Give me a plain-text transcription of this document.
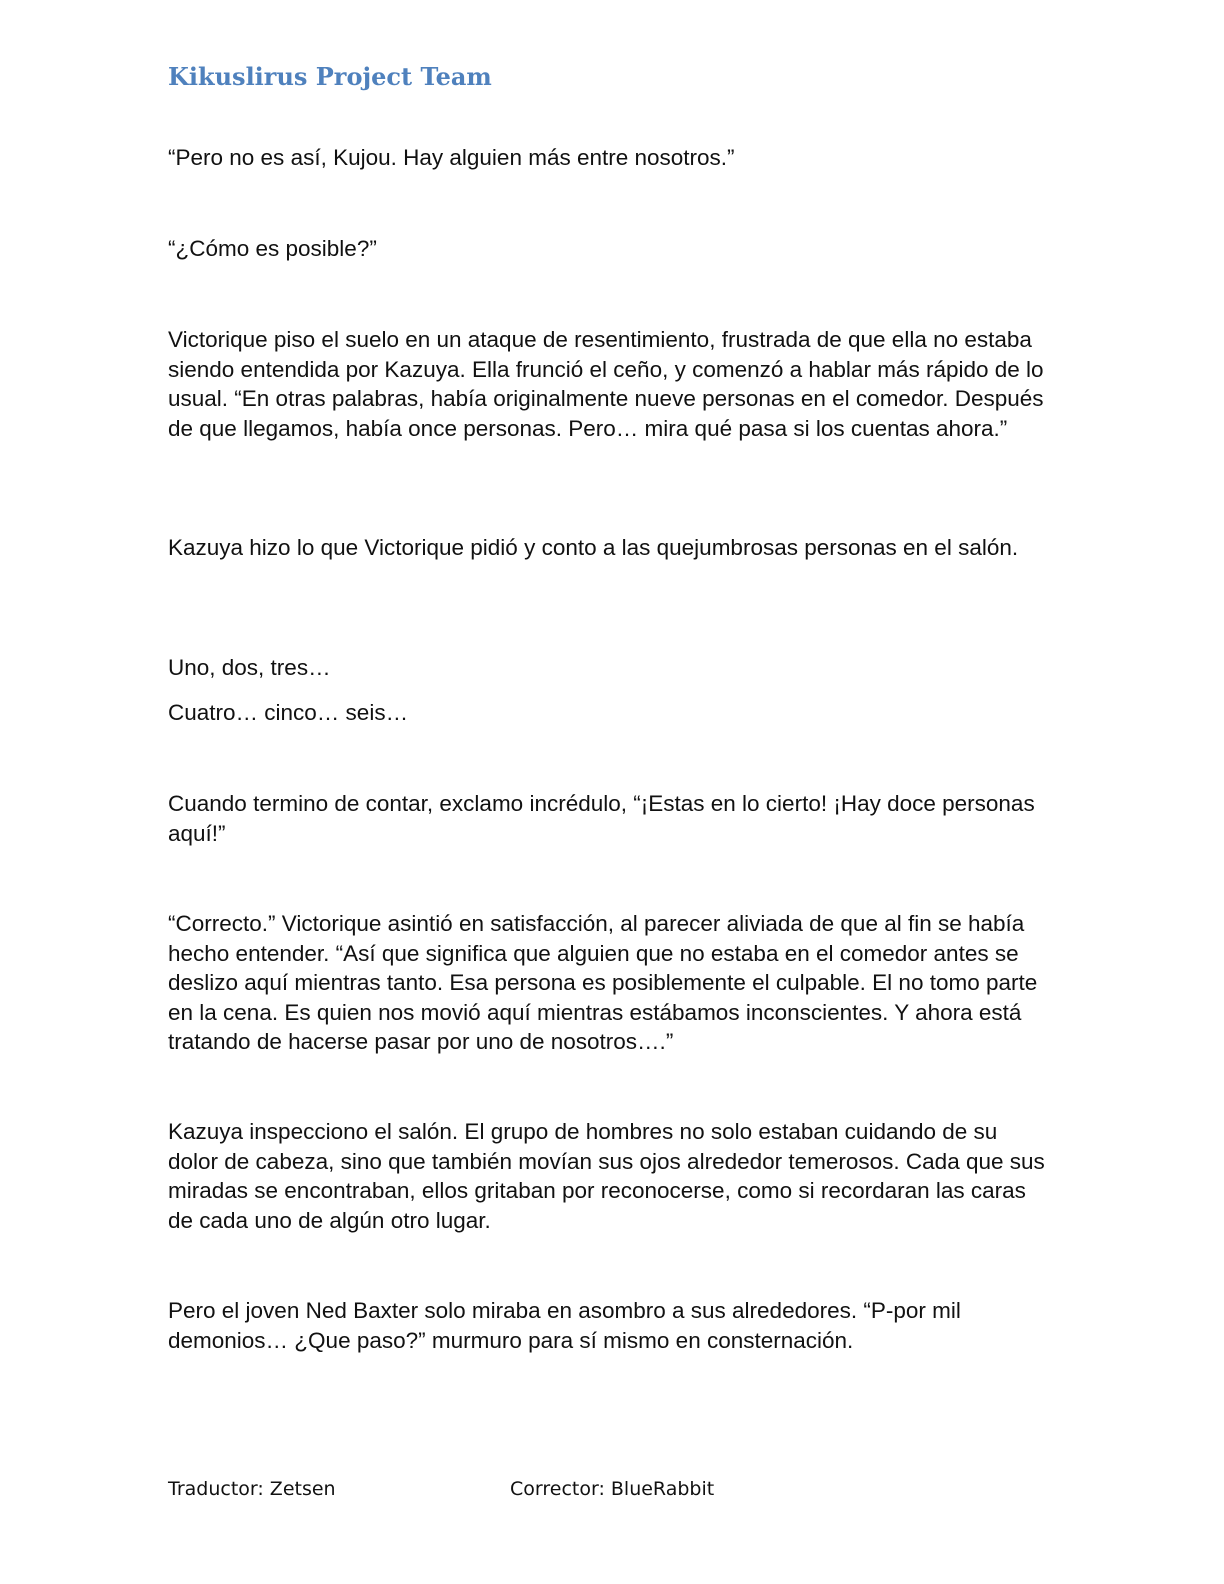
Kikuslirus Project Team

“Pero no es así, Kujou. Hay alguien más entre nosotros.”

“¿Cómo es posible?”

Victorique piso el suelo en un ataque de resentimiento, frustrada de que ella no estaba siendo entendida por Kazuya. Ella frunció el ceño, y comenzó a hablar más rápido de lo usual. “En otras palabras, había originalmente nueve personas en el comedor. Después de que llegamos, había once personas. Pero… mira qué pasa si los cuentas ahora.”

Kazuya hizo lo que Victorique pidió y conto a las quejumbrosas personas en el salón.

Uno, dos, tres…

Cuatro… cinco… seis…

Cuando termino de contar, exclamo incrédulo, “¡Estas en lo cierto! ¡Hay doce personas aquí!”

“Correcto.” Victorique asintió en satisfacción, al parecer aliviada de que al fin se había hecho entender. “Así que significa que alguien que no estaba en el comedor antes se deslizo aquí mientras tanto. Esa persona es posiblemente el culpable. El no tomo parte en la cena. Es quien nos movió aquí mientras estábamos inconscientes. Y ahora está tratando de hacerse pasar por uno de nosotros….”

Kazuya inspecciono el salón. El grupo de hombres no solo estaban cuidando de su dolor de cabeza, sino que también movían sus ojos alrededor temerosos. Cada que sus miradas se encontraban, ellos gritaban por reconocerse, como si recordaran las caras de cada uno de algún otro lugar.

Pero el joven Ned Baxter solo miraba en asombro a sus alrededores. “P-por mil demonios… ¿Que paso?” murmuro para sí mismo en consternación.

Traductor: Zetsen	Corrector: BlueRabbit
